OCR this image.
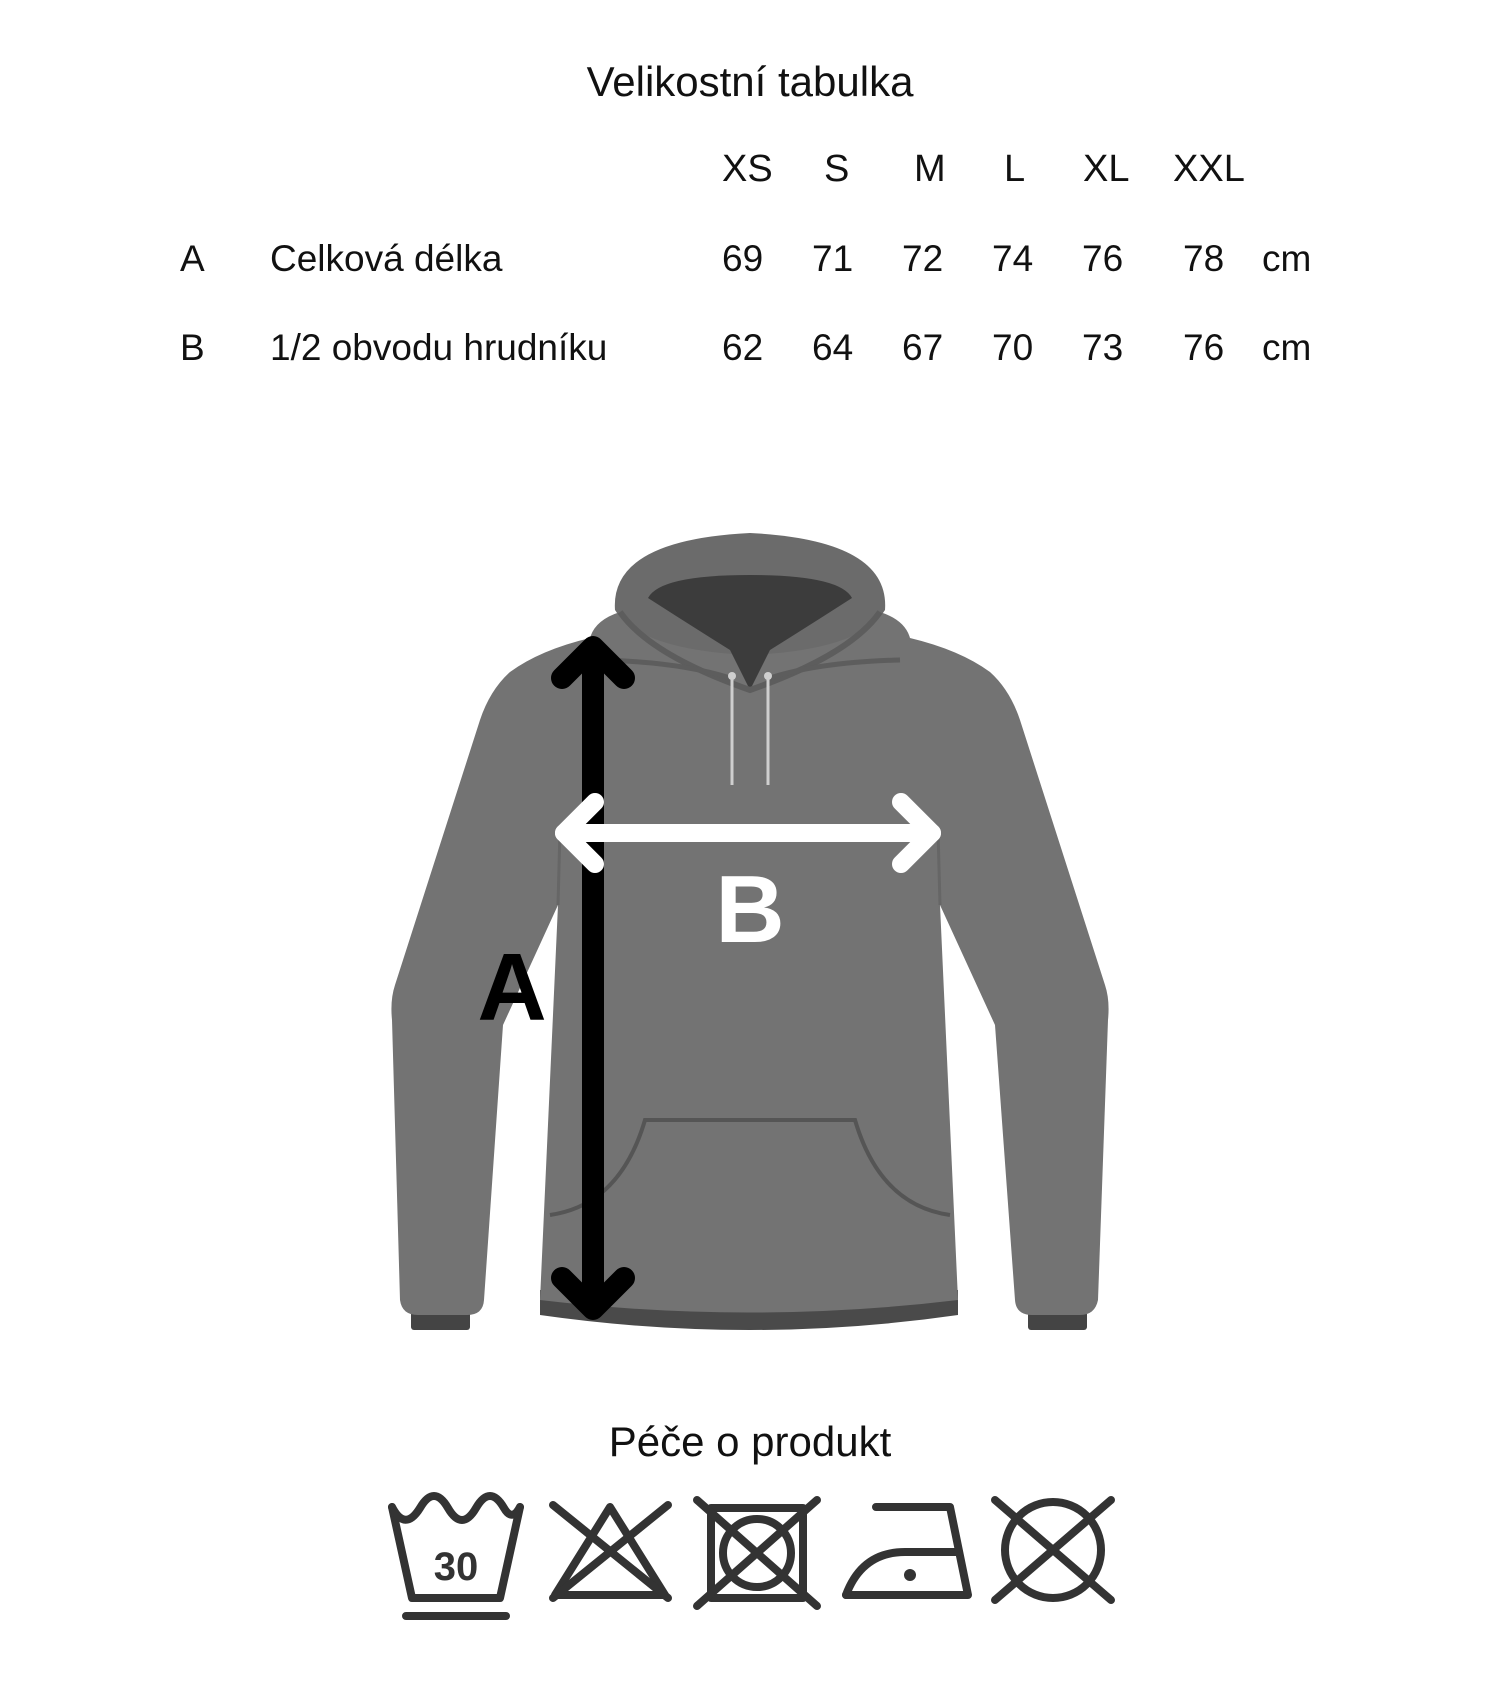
Velikostní tabulka
XS S M L XL XXL
A Celková délka	69 71 72 74 76 78 cm
B 1/2 obvodu hrudníku	62 64 67 70 73 76 cm
A
B
Péče o produkt
30
